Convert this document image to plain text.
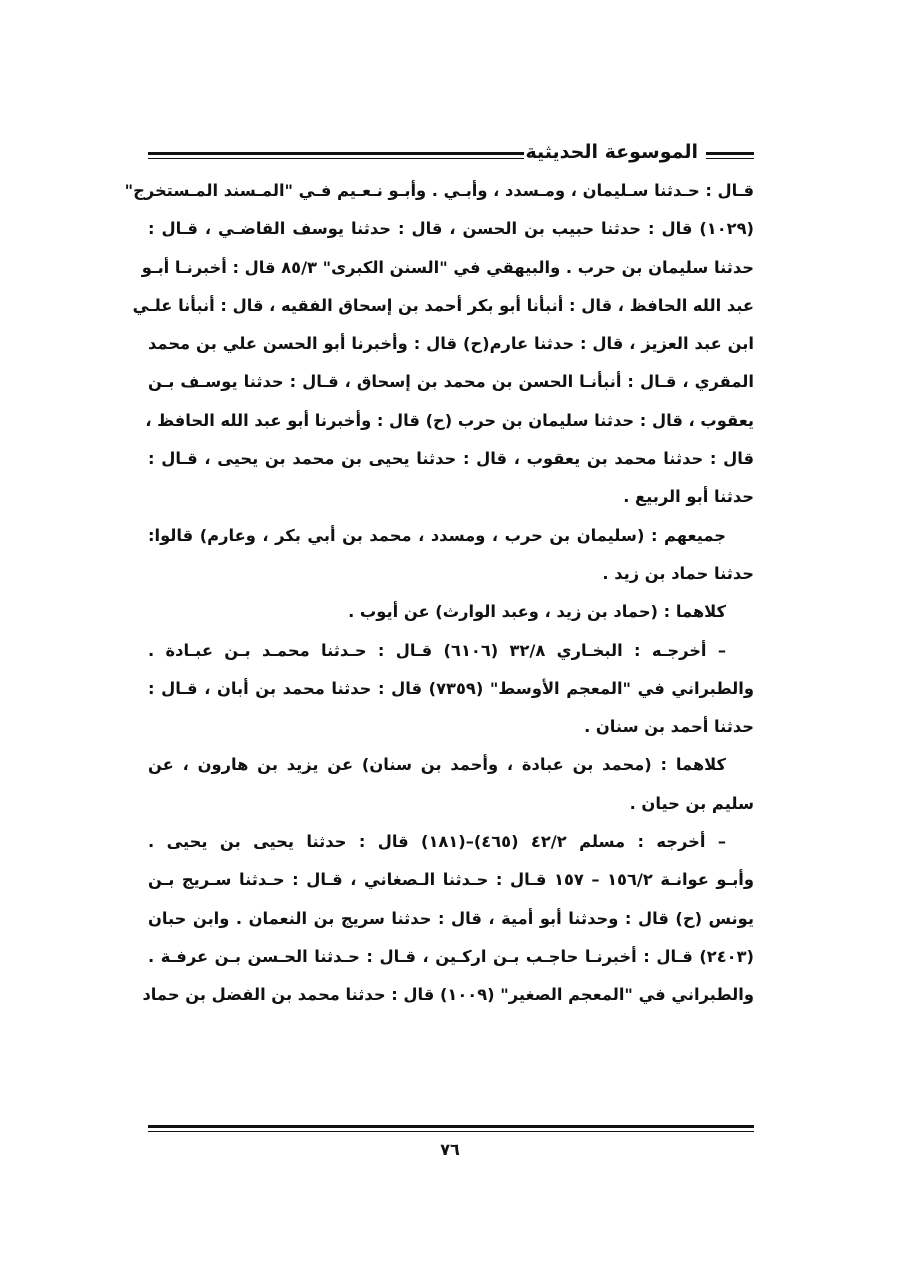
الموسوعة الحديثية
قـال : حـدثنا سـليمان ، ومـسدد ، وأبـي . وأبـو نـعـيم فـي "المـسند المـستخرج"
(١٠٢٩) قال : حدثنا حبيب بن الحسن ، قال : حدثنا يوسف القاضـي ، قـال :
حدثنا سليمان بن حرب . والبيهقي في "السنن الكبرى" ٨٥/٣ قال : أخبرنـا أبـو
عبد الله الحافظ ، قال : أنبأنا أبو بكر أحمد بن إسحاق الفقيه ، قال : أنبأنا علـي
ابن عبد العزيز ، قال : حدثنا عارم(ح) قال : وأخبرنا أبو الحسن علي بن محمد
المقري ، قـال : أنبأنـا الحسن بن محمد بن إسحاق ، قـال : حدثنا يوسـف بـن
يعقوب ، قال : حدثنا سليمان بن حرب (ح) قال : وأخبرنا أبو عبد الله الحافظ ،
قال : حدثنا محمد بن يعقوب ، قال : حدثنا يحيى بن محمد بن يحيى ، قـال :
حدثنا أبو الربيع .
جميعهم : (سليمان بن حرب ، ومسدد ، محمد بن أبي بكر ، وعارم) قالوا:
حدثنا حماد بن زيد .
كلاهما : (حماد بن زيد ، وعبد الوارث) عن أيوب .
– أخرجـه : البخـاري ٣٢/٨ (٦١٠٦) قـال : حـدثنا محمـد بـن عبـادة .
والطبراني في "المعجم الأوسط" (٧٣٥٩) قال : حدثنا محمد بن أبان ، قـال :
حدثنا أحمد بن سنان .
كلاهما : (محمد بن عبادة ، وأحمد بن سنان) عن يزيد بن هارون ، عن
سليم بن حيان .
– أخرجه : مسلم ٤٢/٢ (٤٦٥)–(١٨١) قال : حدثنا يحيى بن يحيى .
وأبـو عوانـة ١٥٦/٢ – ١٥٧ قـال : حـدثنا الـصغاني ، قـال : حـدثنا سـريج بـن
يونس (ح) قال : وحدثنا أبو أمية ، قال : حدثنا سريج بن النعمان . وابن حبان
(٢٤٠٣) قـال : أخبرنـا حاجـب بـن اركـين ، قـال : حـدثنا الحـسن بـن عرفـة .
والطبراني في "المعجم الصغير" (١٠٠٩) قال : حدثنا محمد بن الفضل بن حماد
٧٦
